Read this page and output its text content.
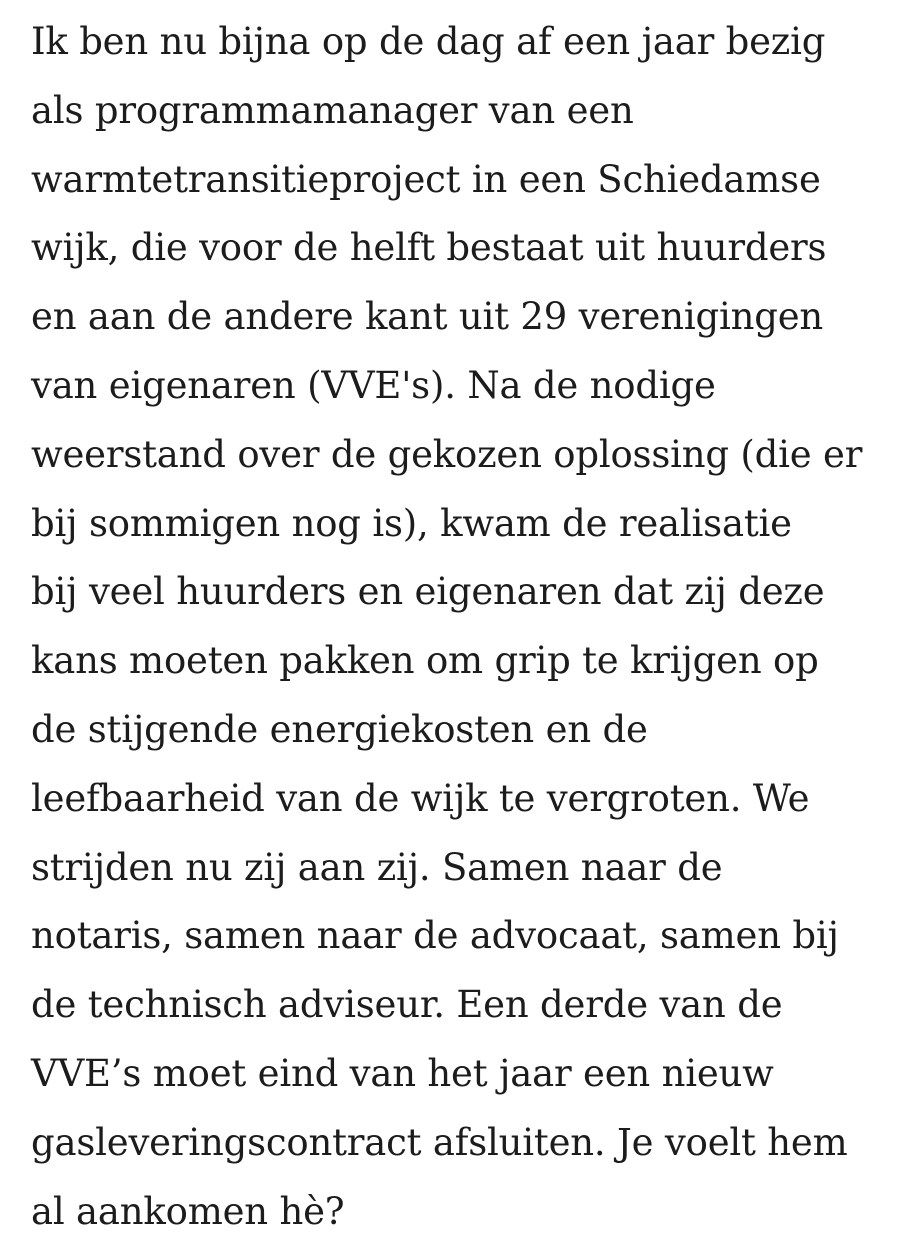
Ik ben nu bijna op de dag af een jaar bezig
als programmamanager van een
warmtetransitieproject in een Schiedamse
wijk, die voor de helft bestaat uit huurders
en aan de andere kant uit 29 verenigingen
van eigenaren (VVE's). Na de nodige
weerstand over de gekozen oplossing (die er
bij sommigen nog is), kwam de realisatie
bij veel huurders en eigenaren dat zij deze
kans moeten pakken om grip te krijgen op
de stijgende energiekosten en de
leefbaarheid van de wijk te vergroten. We
strijden nu zij aan zij. Samen naar de
notaris, samen naar de advocaat, samen bij
de technisch adviseur. Een derde van de
VVE’s moet eind van het jaar een nieuw
gasleveringscontract afsluiten. Je voelt hem
al aankomen hè?
